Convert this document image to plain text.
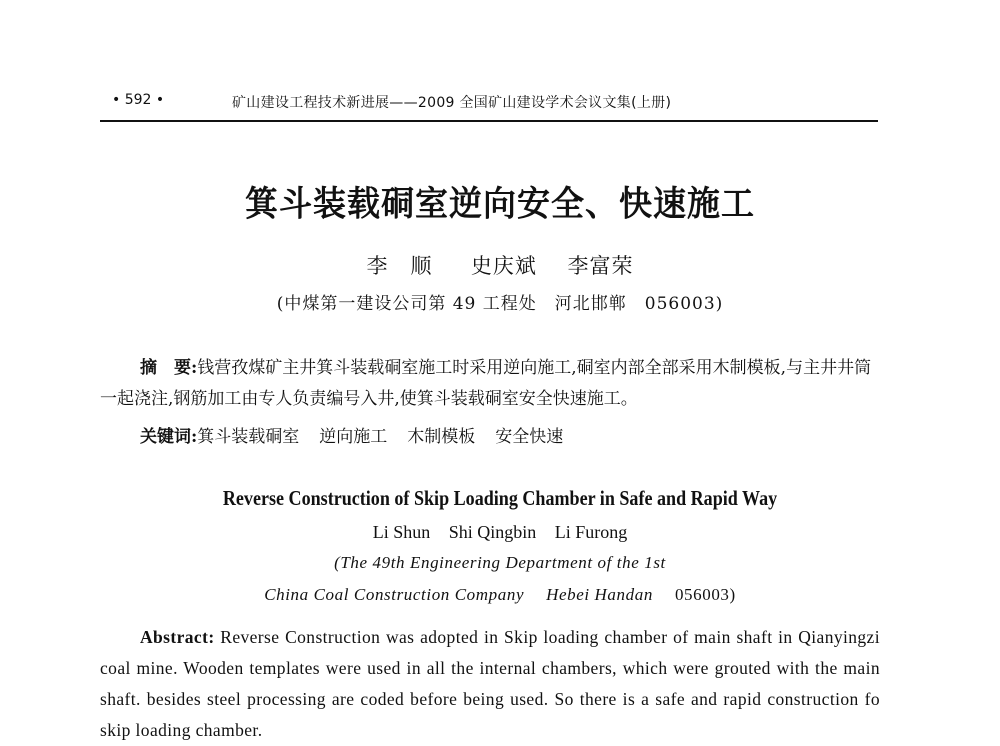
• 592 •	矿山建设工程技术新进展——2009 全国矿山建设学术会议文集(上册)
箕斗装载硐室逆向安全、快速施工
李　顺 史庆斌 李富荣
(中煤第一建设公司第 49 工程处　河北邯郸　056003)

摘　要:钱营孜煤矿主井箕斗装载硐室施工时采用逆向施工,硐室内部全部采用木制模板,与主井井筒一起浇注,钢筋加工由专人负责编号入井,使箕斗装载硐室安全快速施工。

关键词:箕斗装载硐室 逆向施工 木制模板 安全快速
Reverse Construction of Skip Loading Chamber in Safe and Rapid Way
Li Shun Shi Qingbin Li Furong
(The 49th Engineering Department of the 1st
China Coal Construction Company Hebei Handan 056003)

Abstract: Reverse Construction was adopted in Skip loading chamber of main shaft in Qianyingzi coal mine. Wooden templates were used in all the internal chambers, which were grouted with the main shaft. besides steel processing are coded before being used. So there is a safe and rapid construction fo skip loading chamber.
